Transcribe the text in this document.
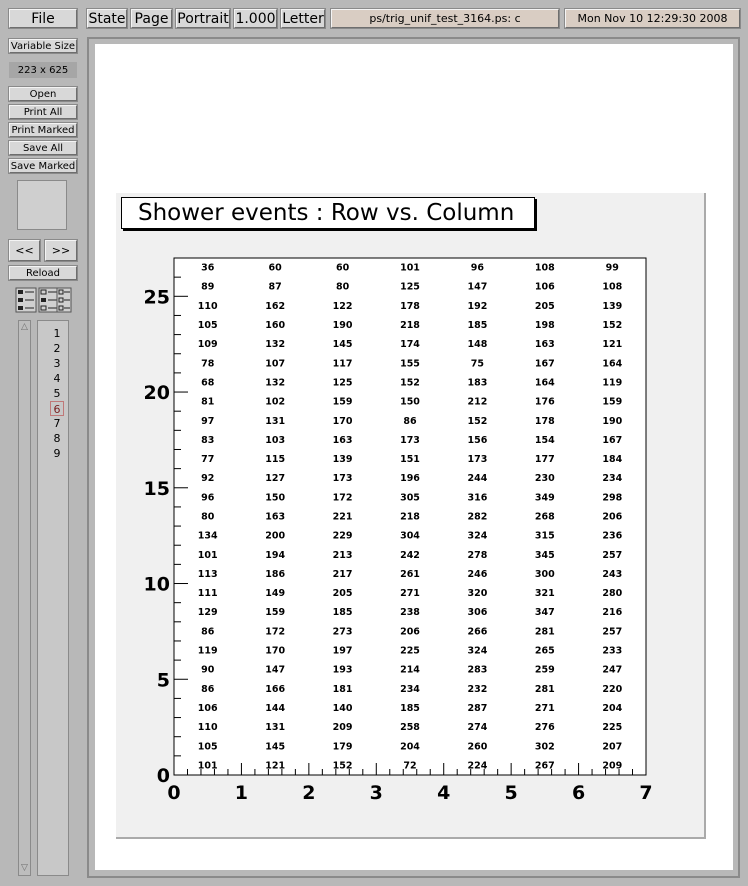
File	State Page Portrait 1.000 Letter	ps/trig_unif_test_3164.ps: c	Mon Nov 10 12:29:30 2008
Variable Size
223 x 625
Open
Print All
Print Marked
Save All
Save Marked
<<	>>
Reload
△
▽
1
2
3
4
5
6
7
8
9
Shower events : Row vs. Column
0	1	2	3	4	5	6	7
0
5
10
15
20
25
36	60	60	101	96	108	99
89	87	80	125	147	106	108
110	162	122	178	192	205	139
105	160	190	218	185	198	152
109	132	145	174	148	163	121
78	107	117	155	75	167	164
68	132	125	152	183	164	119
81	102	159	150	212	176	159
97	131	170	86	152	178	190
83	103	163	173	156	154	167
77	115	139	151	173	177	184
92	127	173	196	244	230	234
96	150	172	305	316	349	298
80	163	221	218	282	268	206
134	200	229	304	324	315	236
101	194	213	242	278	345	257
113	186	217	261	246	300	243
111	149	205	271	320	321	280
129	159	185	238	306	347	216
86	172	273	206	266	281	257
119	170	197	225	324	265	233
90	147	193	214	283	259	247
86	166	181	234	232	281	220
106	144	140	185	287	271	204
110	131	209	258	274	276	225
105	145	179	204	260	302	207
101	121	152	72	224	267	209
